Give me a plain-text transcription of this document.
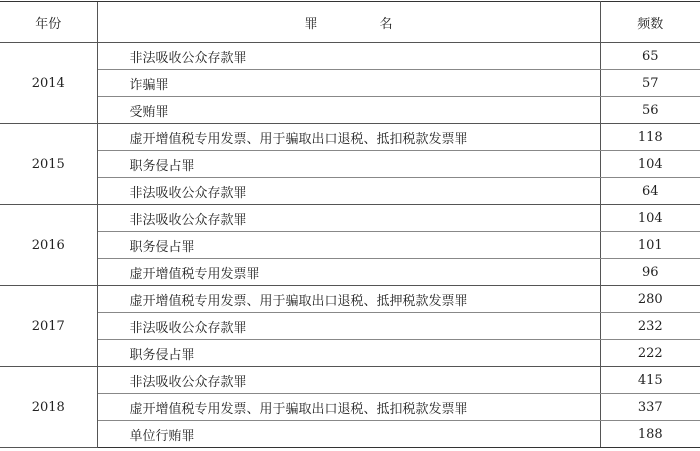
年份	罪 名	频数
2014	非法吸收公众存款罪	65
	诈骗罪	57
	受贿罪	56
2015	虚开增值税专用发票、用于骗取出口退税、抵扣税款发票罪	118
	职务侵占罪	104
	非法吸收公众存款罪	64
2016	非法吸收公众存款罪	104
	职务侵占罪	101
	虚开增值税专用发票罪	96
2017	虚开增值税专用发票、用于骗取出口退税、抵押税款发票罪	280
	非法吸收公众存款罪	232
	职务侵占罪	222
2018	非法吸收公众存款罪	415
	虚开增值税专用发票、用于骗取出口退税、抵扣税款发票罪	337
	单位行贿罪	188
